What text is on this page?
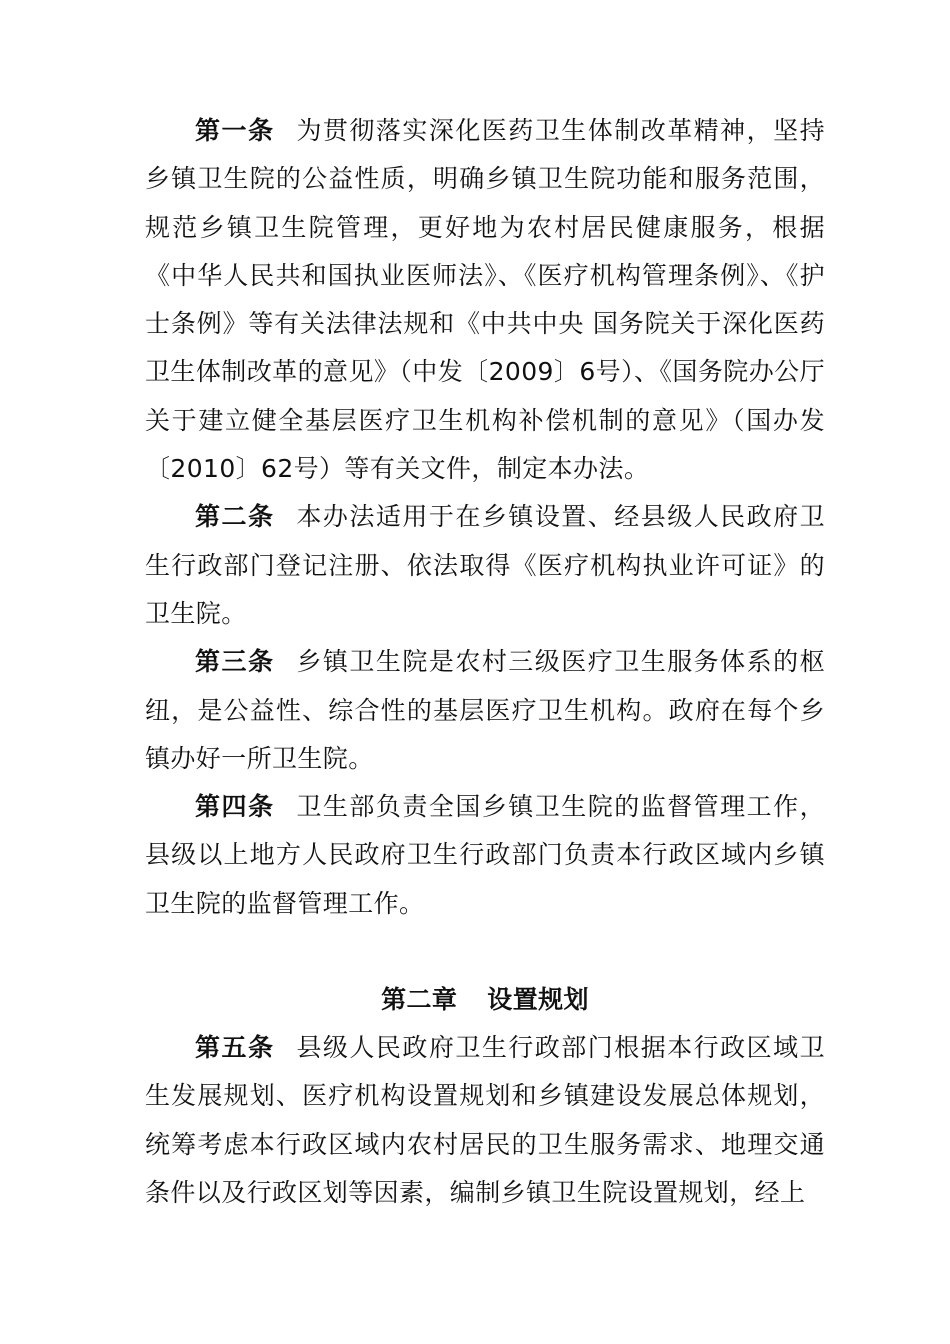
第一条 为贯彻落实深化医药卫生体制改革精神，坚持乡镇卫生院的公益性质，明确乡镇卫生院功能和服务范围，规范乡镇卫生院管理，更好地为农村居民健康服务，根据《中华人民共和国执业医师法》、《医疗机构管理条例》、《护士条例》等有关法律法规和《中共中央 国务院关于深化医药卫生体制改革的意见》（中发〔2009〕6号）、《国务院办公厅关于建立健全基层医疗卫生机构补偿机制的意见》（国办发〔2010〕62号）等有关文件，制定本办法。

第二条 本办法适用于在乡镇设置、经县级人民政府卫生行政部门登记注册、依法取得《医疗机构执业许可证》的卫生院。

第三条 乡镇卫生院是农村三级医疗卫生服务体系的枢纽，是公益性、综合性的基层医疗卫生机构。政府在每个乡镇办好一所卫生院。

第四条 卫生部负责全国乡镇卫生院的监督管理工作，县级以上地方人民政府卫生行政部门负责本行政区域内乡镇卫生院的监督管理工作。

第二章 设置规划

第五条 县级人民政府卫生行政部门根据本行政区域卫生发展规划、医疗机构设置规划和乡镇建设发展总体规划，统筹考虑本行政区域内农村居民的卫生服务需求、地理交通条件以及行政区划等因素，编制乡镇卫生院设置规划，经上
